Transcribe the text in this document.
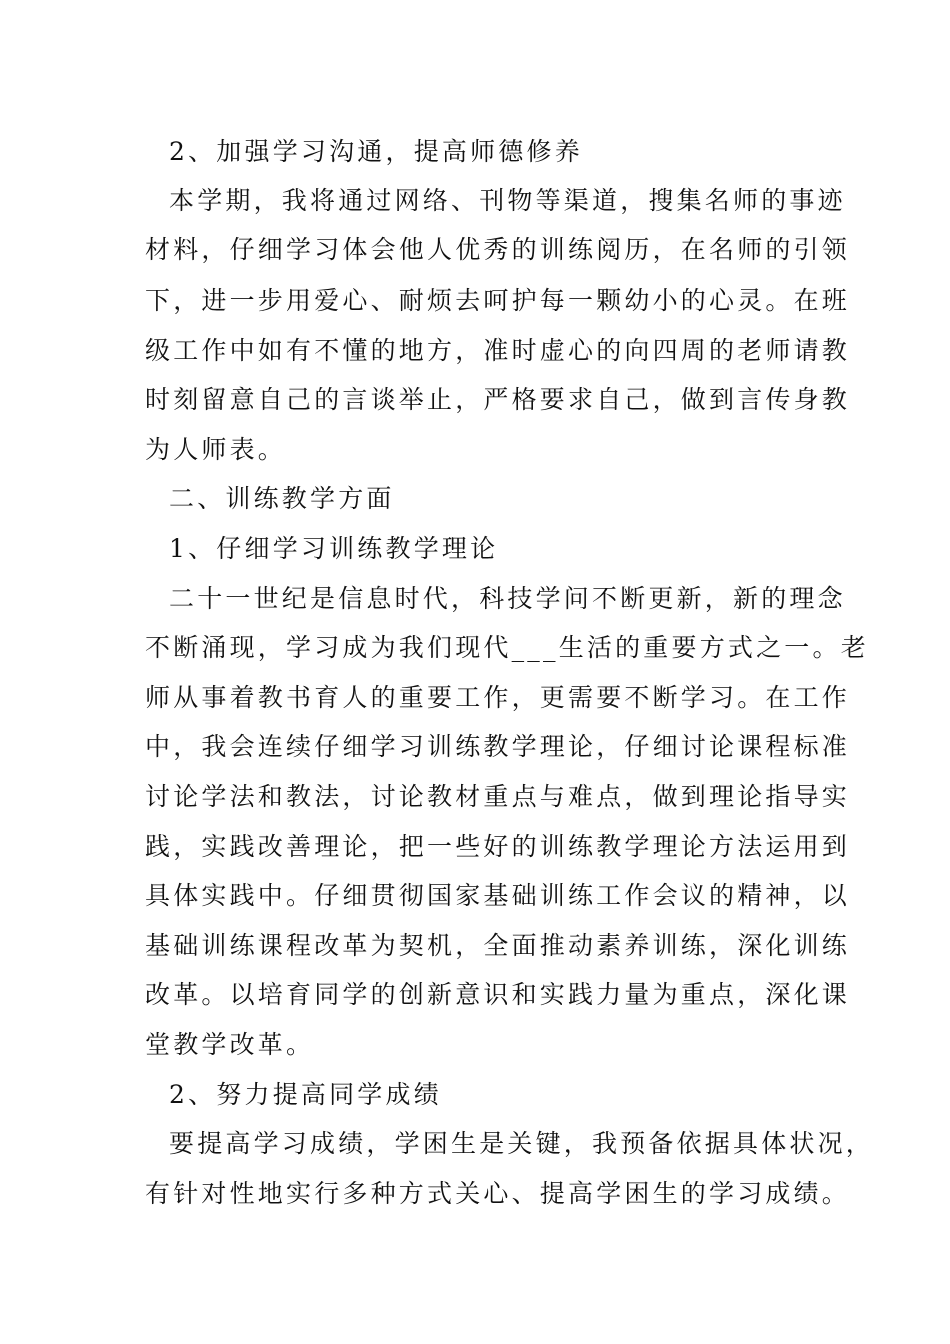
2、加强学习沟通，提高师德修养
本学期，我将通过网络、刊物等渠道，搜集名师的事迹
材料，仔细学习体会他人优秀的训练阅历，在名师的引领
下，进一步用爱心、耐烦去呵护每一颗幼小的心灵。在班
级工作中如有不懂的地方，准时虚心的向四周的老师请教
时刻留意自己的言谈举止，严格要求自己，做到言传身教
为人师表。
二、训练教学方面
1、仔细学习训练教学理论
二十一世纪是信息时代，科技学问不断更新，新的理念
不断涌现，学习成为我们现代___生活的重要方式之一。老
师从事着教书育人的重要工作，更需要不断学习。在工作
中，我会连续仔细学习训练教学理论，仔细讨论课程标准
讨论学法和教法，讨论教材重点与难点，做到理论指导实
践，实践改善理论，把一些好的训练教学理论方法运用到
具体实践中。仔细贯彻国家基础训练工作会议的精神，以
基础训练课程改革为契机，全面推动素养训练，深化训练
改革。以培育同学的创新意识和实践力量为重点，深化课
堂教学改革。
2、努力提高同学成绩
要提高学习成绩，学困生是关键，我预备依据具体状况，
有针对性地实行多种方式关心、提高学困生的学习成绩。
